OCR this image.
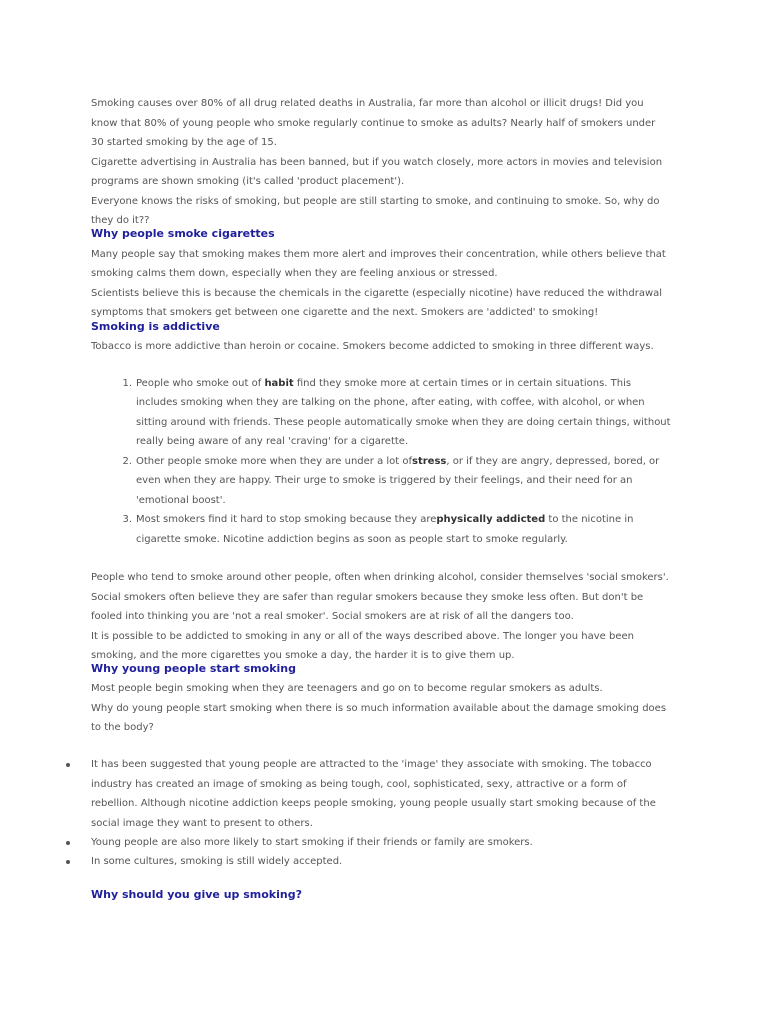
Smoking causes over 80% of all drug related deaths in Australia, far more than alcohol or illicit drugs! Did you
know that 80% of young people who smoke regularly continue to smoke as adults? Nearly half of smokers under
30 started smoking by the age of 15.
Cigarette advertising in Australia has been banned, but if you watch closely, more actors in movies and television
programs are shown smoking (it's called 'product placement').
Everyone knows the risks of smoking, but people are still starting to smoke, and continuing to smoke. So, why do
they do it??
Why people smoke cigarettes
Many people say that smoking makes them more alert and improves their concentration, while others believe that
smoking calms them down, especially when they are feeling anxious or stressed.
Scientists believe this is because the chemicals in the cigarette (especially nicotine) have reduced the withdrawal
symptoms that smokers get between one cigarette and the next. Smokers are 'addicted' to smoking!
Smoking is addictive
Tobacco is more addictive than heroin or cocaine. Smokers become addicted to smoking in three different ways.
1. People who smoke out of habit find they smoke more at certain times or in certain situations. This
includes smoking when they are talking on the phone, after eating, with coffee, with alcohol, or when
sitting around with friends. These people automatically smoke when they are doing certain things, without
really being aware of any real 'craving' for a cigarette.
2. Other people smoke more when they are under a lot ofstress, or if they are angry, depressed, bored, or
even when they are happy. Their urge to smoke is triggered by their feelings, and their need for an
'emotional boost'.
3. Most smokers find it hard to stop smoking because they arephysically addicted to the nicotine in
cigarette smoke. Nicotine addiction begins as soon as people start to smoke regularly.
People who tend to smoke around other people, often when drinking alcohol, consider themselves 'social smokers'.
Social smokers often believe they are safer than regular smokers because they smoke less often. But don't be
fooled into thinking you are 'not a real smoker'. Social smokers are at risk of all the dangers too.
It is possible to be addicted to smoking in any or all of the ways described above. The longer you have been
smoking, and the more cigarettes you smoke a day, the harder it is to give them up.
Why young people start smoking
Most people begin smoking when they are teenagers and go on to become regular smokers as adults.
Why do young people start smoking when there is so much information available about the damage smoking does
to the body?
It has been suggested that young people are attracted to the 'image' they associate with smoking. The tobacco
industry has created an image of smoking as being tough, cool, sophisticated, sexy, attractive or a form of
rebellion. Although nicotine addiction keeps people smoking, young people usually start smoking because of the
social image they want to present to others.
Young people are also more likely to start smoking if their friends or family are smokers.
In some cultures, smoking is still widely accepted.
Why should you give up smoking?
